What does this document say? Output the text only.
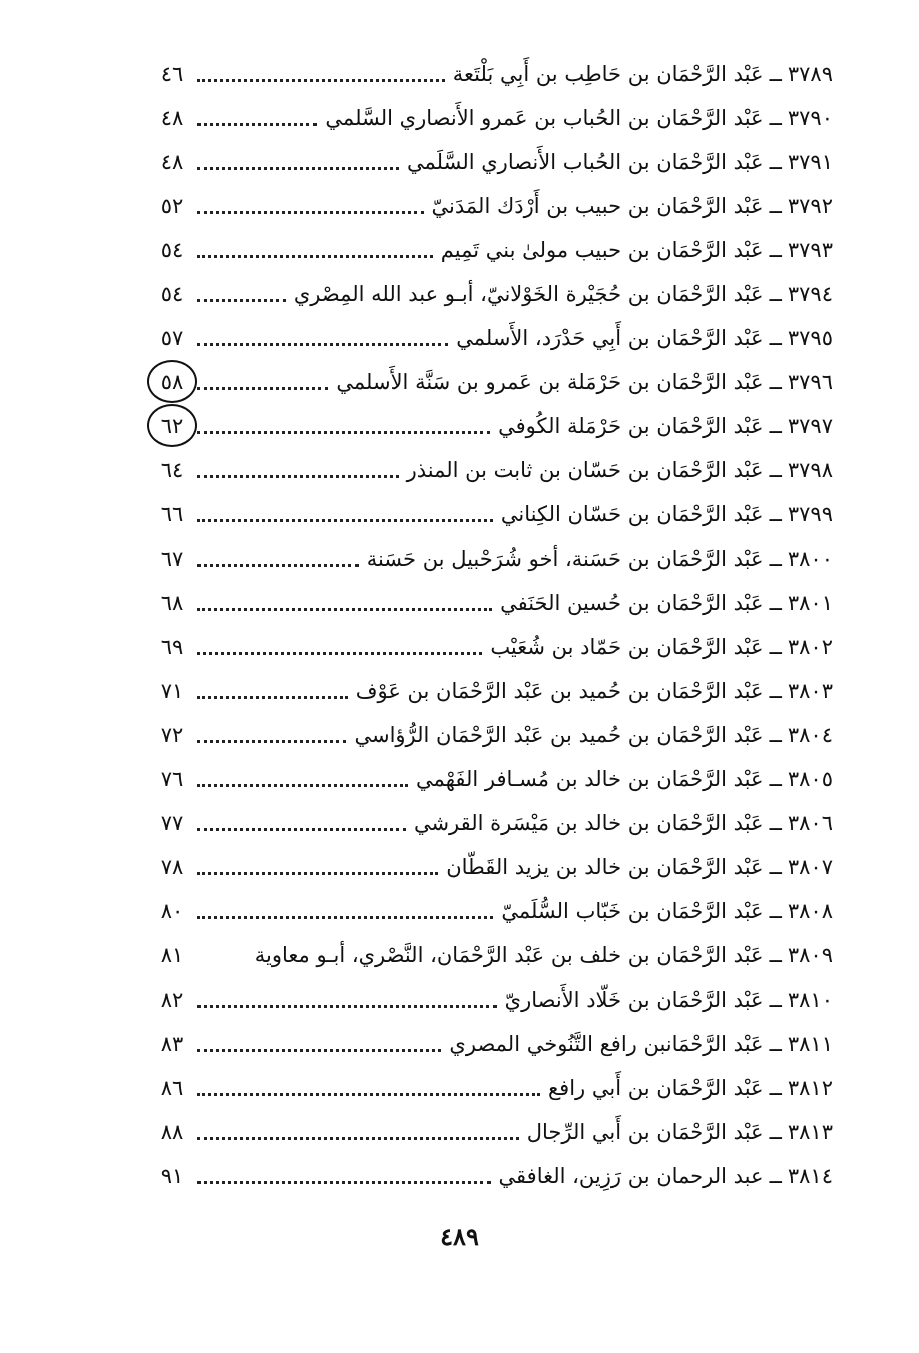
٣٧٨٩
ــ
عَبْد الرَّحْمَان بن حَاطِب بن أَبِي بَلْتَعة
٤٦
٣٧٩٠
ــ
عَبْد الرَّحْمَان بن الحُباب بن عَمرو الأَنصاري السَّلمي
٤٨
٣٧٩١
ــ
عَبْد الرَّحْمَان بن الحُباب الأَنصاري السَّلَمي
٤٨
٣٧٩٢
ــ
عَبْد الرَّحْمَان بن حبيب بن أَرْدَك المَدَنيّ
٥٢
٣٧٩٣
ــ
عَبْد الرَّحْمَان بن حبيب مولىٰ بني تَمِيم
٥٤
٣٧٩٤
ــ
عَبْد الرَّحْمَان بن حُجَيْرة الخَوْلانيّ، أبـو عبد الله المِصْري
٥٤
٣٧٩٥
ــ
عَبْد الرَّحْمَان بن أَبِي حَدْرَد، الأَسلمي
٥٧
٣٧٩٦
ــ
عَبْد الرَّحْمَان بن حَرْمَلة بن عَمرو بن سَنَّة الأَسلمي
٥٨
٣٧٩٧
ــ
عَبْد الرَّحْمَان بن حَرْمَلة الكُوفي
٦٢
٣٧٩٨
ــ
عَبْد الرَّحْمَان بن حَسّان بن ثابت بن المنذر
٦٤
٣٧٩٩
ــ
عَبْد الرَّحْمَان بن حَسّان الكِناني
٦٦
٣٨٠٠
ــ
عَبْد الرَّحْمَان بن حَسَنة، أخو شُرَحْبيل بن حَسَنة
٦٧
٣٨٠١
ــ
عَبْد الرَّحْمَان بن حُسين الحَنَفي
٦٨
٣٨٠٢
ــ
عَبْد الرَّحْمَان بن حَمّاد بن شُعَيْب
٦٩
٣٨٠٣
ــ
عَبْد الرَّحْمَان بن حُميد بن عَبْد الرَّحْمَان بن عَوْف
٧١
٣٨٠٤
ــ
عَبْد الرَّحْمَان بن حُميد بن عَبْد الرَّحْمَان الرُّؤاسي
٧٢
٣٨٠٥
ــ
عَبْد الرَّحْمَان بن خالد بن مُسـافر الفَهْمي
٧٦
٣٨٠٦
ــ
عَبْد الرَّحْمَان بن خالد بن مَيْسَرة القرشي
٧٧
٣٨٠٧
ــ
عَبْد الرَّحْمَان بن خالد بن يزيد القَطّان
٧٨
٣٨٠٨
ــ
عَبْد الرَّحْمَان بن خَبّاب السُّلَميّ
٨٠
٣٨٠٩
ــ
عَبْد الرَّحْمَان بن خلف بن عَبْد الرَّحْمَان، النَّصْري، أبـو معاوية
٨١
٣٨١٠
ــ
عَبْد الرَّحْمَان بن خَلّاد الأَنصاريّ
٨٢
٣٨١١
ــ
عَبْد الرَّحْمَانبن رافع التَّنُوخي المصري
٨٣
٣٨١٢
ــ
عَبْد الرَّحْمَان بن أَبي رافع
٨٦
٣٨١٣
ــ
عَبْد الرَّحْمَان بن أَبي الرِّجال
٨٨
٣٨١٤
ــ
عبد الرحمان بن رَزِين، الغافقي
٩١
٤٨٩
